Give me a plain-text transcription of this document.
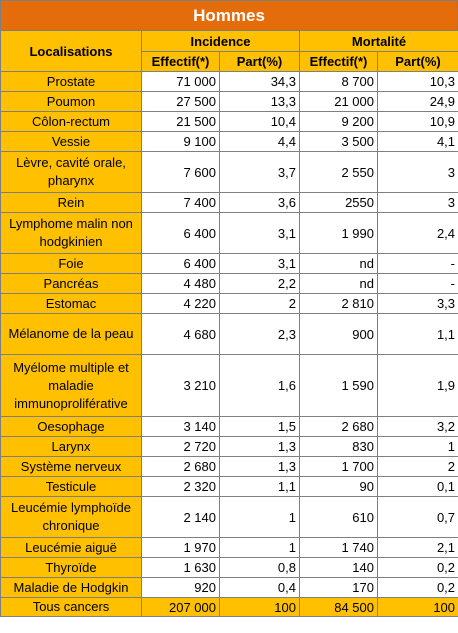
Hommes
Localisations	Incidence		Mortalité	
	Effectif(*)	Part(%)	Effectif(*)	Part(%)
Prostate	71 000	34,3	8 700	10,3
Poumon	27 500	13,3	21 000	24,9
Côlon-rectum	21 500	10,4	9 200	10,9
Vessie	9 100	4,4	3 500	4,1
Lèvre, cavité orale, pharynx	7 600	3,7	2 550	3
Rein	7 400	3,6	2550	3
Lymphome malin non hodgkinien	6 400	3,1	1 990	2,4
Foie	6 400	3,1	nd	-
Pancréas	4 480	2,2	nd	-
Estomac	4 220	2	2 810	3,3
Mélanome de la peau	4 680	2,3	900	1,1
Myélome multiple et maladie immunoproliférative	3 210	1,6	1 590	1,9
Oesophage	3 140	1,5	2 680	3,2
Larynx	2 720	1,3	830	1
Système nerveux	2 680	1,3	1 700	2
Testicule	2 320	1,1	90	0,1
Leucémie lymphoïde chronique	2 140	1	610	0,7
Leucémie aiguë	1 970	1	1 740	2,1
Thyroïde	1 630	0,8	140	0,2
Maladie de Hodgkin	920	0,4	170	0,2
Tous cancers	207 000	100	84 500	100
